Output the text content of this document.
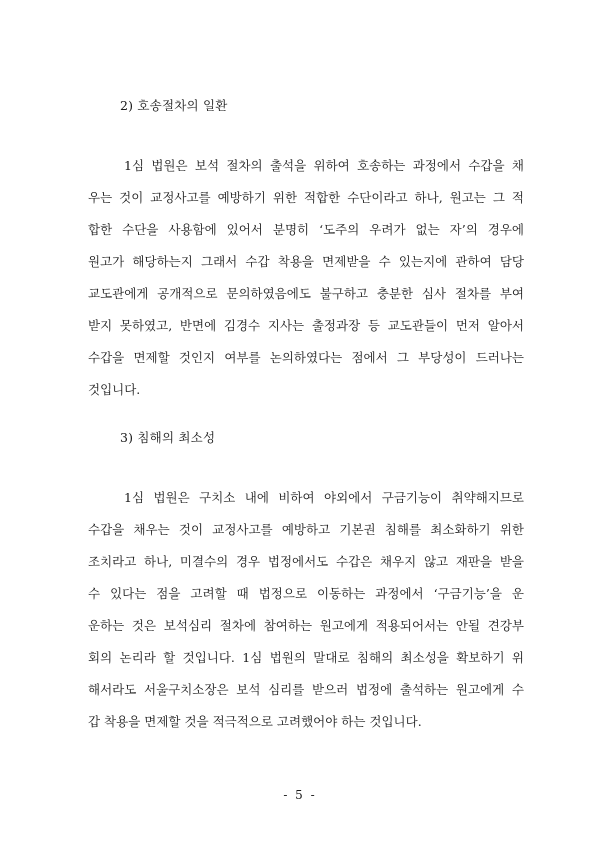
2) 호송절차의 일환
1심 법원은 보석 절차의 출석을 위하여 호송하는 과정에서 수갑을 채
우는 것이 교정사고를 예방하기 위한 적합한 수단이라고 하나, 원고는 그 적
합한 수단을 사용함에 있어서 분명히 ‘도주의 우려가 없는 자’의 경우에
원고가 해당하는지 그래서 수갑 착용을 면제받을 수 있는지에 관하여 담당
교도관에게 공개적으로 문의하였음에도 불구하고 충분한 심사 절차를 부여
받지 못하였고, 반면에 김경수 지사는 출정과장 등 교도관들이 먼저 알아서
수갑을 면제할 것인지 여부를 논의하였다는 점에서 그 부당성이 드러나는
것입니다.
3) 침해의 최소성
1심 법원은 구치소 내에 비하여 야외에서 구금기능이 취약해지므로
수갑을 채우는 것이 교정사고를 예방하고 기본권 침해를 최소화하기 위한
조치라고 하나, 미결수의 경우 법정에서도 수갑은 채우지 않고 재판을 받을
수 있다는 점을 고려할 때 법정으로 이동하는 과정에서 ‘구금기능’을 운
운하는 것은 보석심리 절차에 참여하는 원고에게 적용되어서는 안될 견강부
회의 논리라 할 것입니다. 1심 법원의 말대로 침해의 최소성을 확보하기 위
해서라도 서울구치소장은 보석 심리를 받으러 법정에 출석하는 원고에게 수
갑 착용을 면제할 것을 적극적으로 고려했어야 하는 것입니다.
- 5 -
